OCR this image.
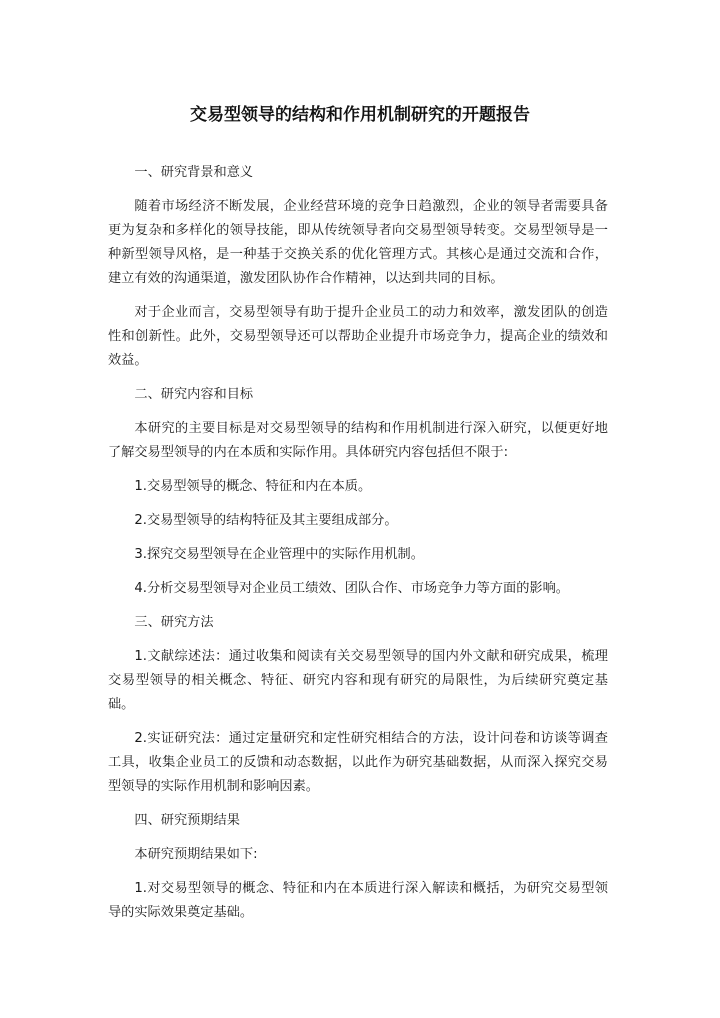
交易型领导的结构和作用机制研究的开题报告

一、研究背景和意义

随着市场经济不断发展，企业经营环境的竞争日趋激烈，企业的领导者需要具备更为复杂和多样化的领导技能，即从传统领导者向交易型领导转变。交易型领导是一种新型领导风格，是一种基于交换关系的优化管理方式。其核心是通过交流和合作，建立有效的沟通渠道，激发团队协作合作精神，以达到共同的目标。

对于企业而言，交易型领导有助于提升企业员工的动力和效率，激发团队的创造性和创新性。此外，交易型领导还可以帮助企业提升市场竞争力，提高企业的绩效和效益。

二、研究内容和目标

本研究的主要目标是对交易型领导的结构和作用机制进行深入研究，以便更好地了解交易型领导的内在本质和实际作用。具体研究内容包括但不限于:

1.交易型领导的概念、特征和内在本质。

2.交易型领导的结构特征及其主要组成部分。

3.探究交易型领导在企业管理中的实际作用机制。

4.分析交易型领导对企业员工绩效、团队合作、市场竞争力等方面的影响。

三、研究方法

1.文献综述法：通过收集和阅读有关交易型领导的国内外文献和研究成果，梳理交易型领导的相关概念、特征、研究内容和现有研究的局限性，为后续研究奠定基础。

2.实证研究法：通过定量研究和定性研究相结合的方法，设计问卷和访谈等调查工具，收集企业员工的反馈和动态数据，以此作为研究基础数据，从而深入探究交易型领导的实际作用机制和影响因素。

四、研究预期结果

本研究预期结果如下:

1.对交易型领导的概念、特征和内在本质进行深入解读和概括，为研究交易型领导的实际效果奠定基础。
